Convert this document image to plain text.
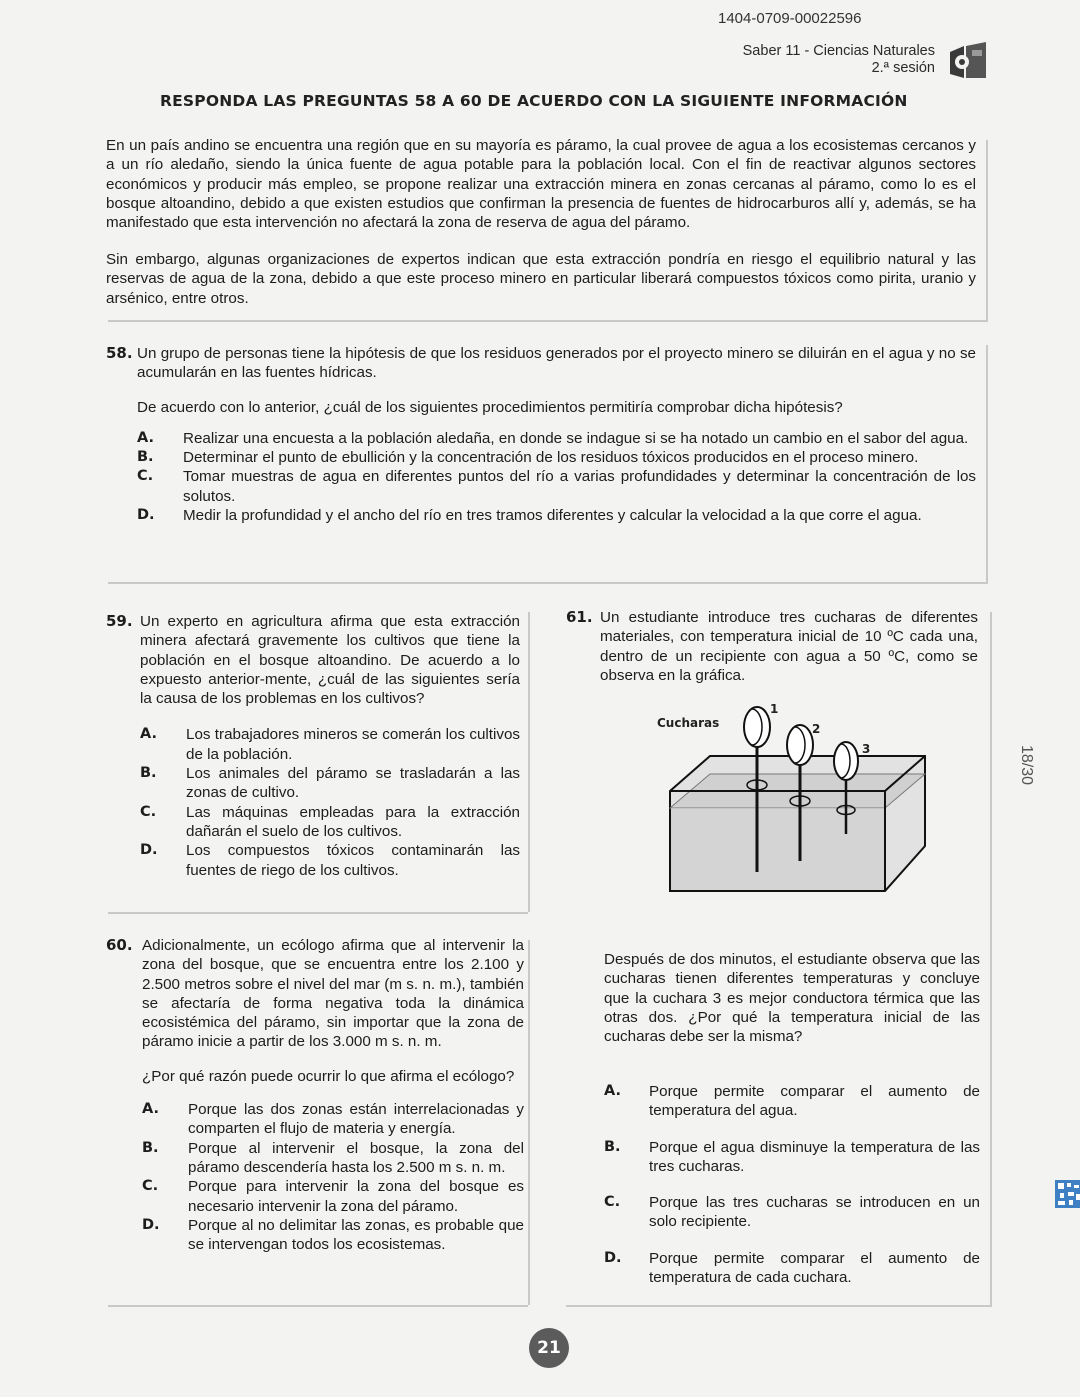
1404-0709-00022596
Saber 11 - Ciencias Naturales
2.ª sesión
RESPONDA LAS PREGUNTAS 58 A 60 DE ACUERDO CON LA SIGUIENTE INFORMACIÓN
En un país andino se encuentra una región que en su mayoría es páramo, la cual provee de agua a los ecosistemas cercanos y a un río aledaño, siendo la única fuente de agua potable para la población local. Con el fin de reactivar algunos sectores económicos y producir más empleo, se propone realizar una extracción minera en zonas cercanas al páramo, como lo es el bosque altoandino, debido a que existen estudios que confirman la presencia de fuentes de hidrocarburos allí y, además, se ha manifestado que esta intervención no afectará la zona de reserva de agua del páramo.
Sin embargo, algunas organizaciones de expertos indican que esta extracción pondría en riesgo el equilibrio natural y las reservas de agua de la zona, debido a que este proceso minero en particular liberará compuestos tóxicos como pirita, uranio y arsénico, entre otros.
58. Un grupo de personas tiene la hipótesis de que los residuos generados por el proyecto minero se diluirán en el agua y no se acumularán en las fuentes hídricas.
De acuerdo con lo anterior, ¿cuál de los siguientes procedimientos permitiría comprobar dicha hipótesis?
A.	Realizar una encuesta a la población aledaña, en donde se indague si se ha notado un cambio en el sabor del agua.
B.	Determinar el punto de ebullición y la concentración de los residuos tóxicos producidos en el proceso minero.
C.	Tomar muestras de agua en diferentes puntos del río a varias profundidades y determinar la concentración de los solutos.
D.	Medir la profundidad y el ancho del río en tres tramos diferentes y calcular la velocidad a la que corre el agua.
59. Un experto en agricultura afirma que esta extracción minera afectará gravemente los cultivos que tiene la población en el bosque altoandino. De acuerdo a lo expuesto anterior-mente, ¿cuál de las siguientes sería la causa de los problemas en los cultivos?
A.	Los trabajadores mineros se comerán los cultivos de la población.
B.	Los animales del páramo se trasladarán a las zonas de cultivo.
C.	Las máquinas empleadas para la extracción dañarán el suelo de los cultivos.
D.	Los compuestos tóxicos contaminarán las fuentes de riego de los cultivos.
60. Adicionalmente, un ecólogo afirma que al intervenir la zona del bosque, que se encuentra entre los 2.100 y 2.500 metros sobre el nivel del mar (m s. n. m.), también se afectaría de forma negativa toda la dinámica ecosistémica del páramo, sin importar que la zona de páramo inicie a partir de los 3.000 m s. n. m.
¿Por qué razón puede ocurrir lo que afirma el ecólogo?
A.	Porque las dos zonas están interrelacionadas y comparten el flujo de materia y energía.
B.	Porque al intervenir el bosque, la zona del páramo descendería hasta los 2.500 m s. n. m.
C.	Porque para intervenir la zona del bosque es necesario intervenir la zona del páramo.
D.	Porque al no delimitar las zonas, es probable que se intervengan todos los ecosistemas.
61. Un estudiante introduce tres cucharas de diferentes materiales, con temperatura inicial de 10 ºC cada una, dentro de un recipiente con agua a 50 ºC, como se observa en la gráfica.
Cucharas
1
2
3
Después de dos minutos, el estudiante observa que las cucharas tienen diferentes temperaturas y concluye que la cuchara 3 es mejor conductora térmica que las otras dos. ¿Por qué la temperatura inicial de las cucharas debe ser la misma?
A.	Porque permite comparar el aumento de temperatura del agua.
B.	Porque el agua disminuye la temperatura de las tres cucharas.
C.	Porque las tres cucharas se introducen en un solo recipiente.
D.	Porque permite comparar el aumento de temperatura de cada cuchara.
21
18/30
